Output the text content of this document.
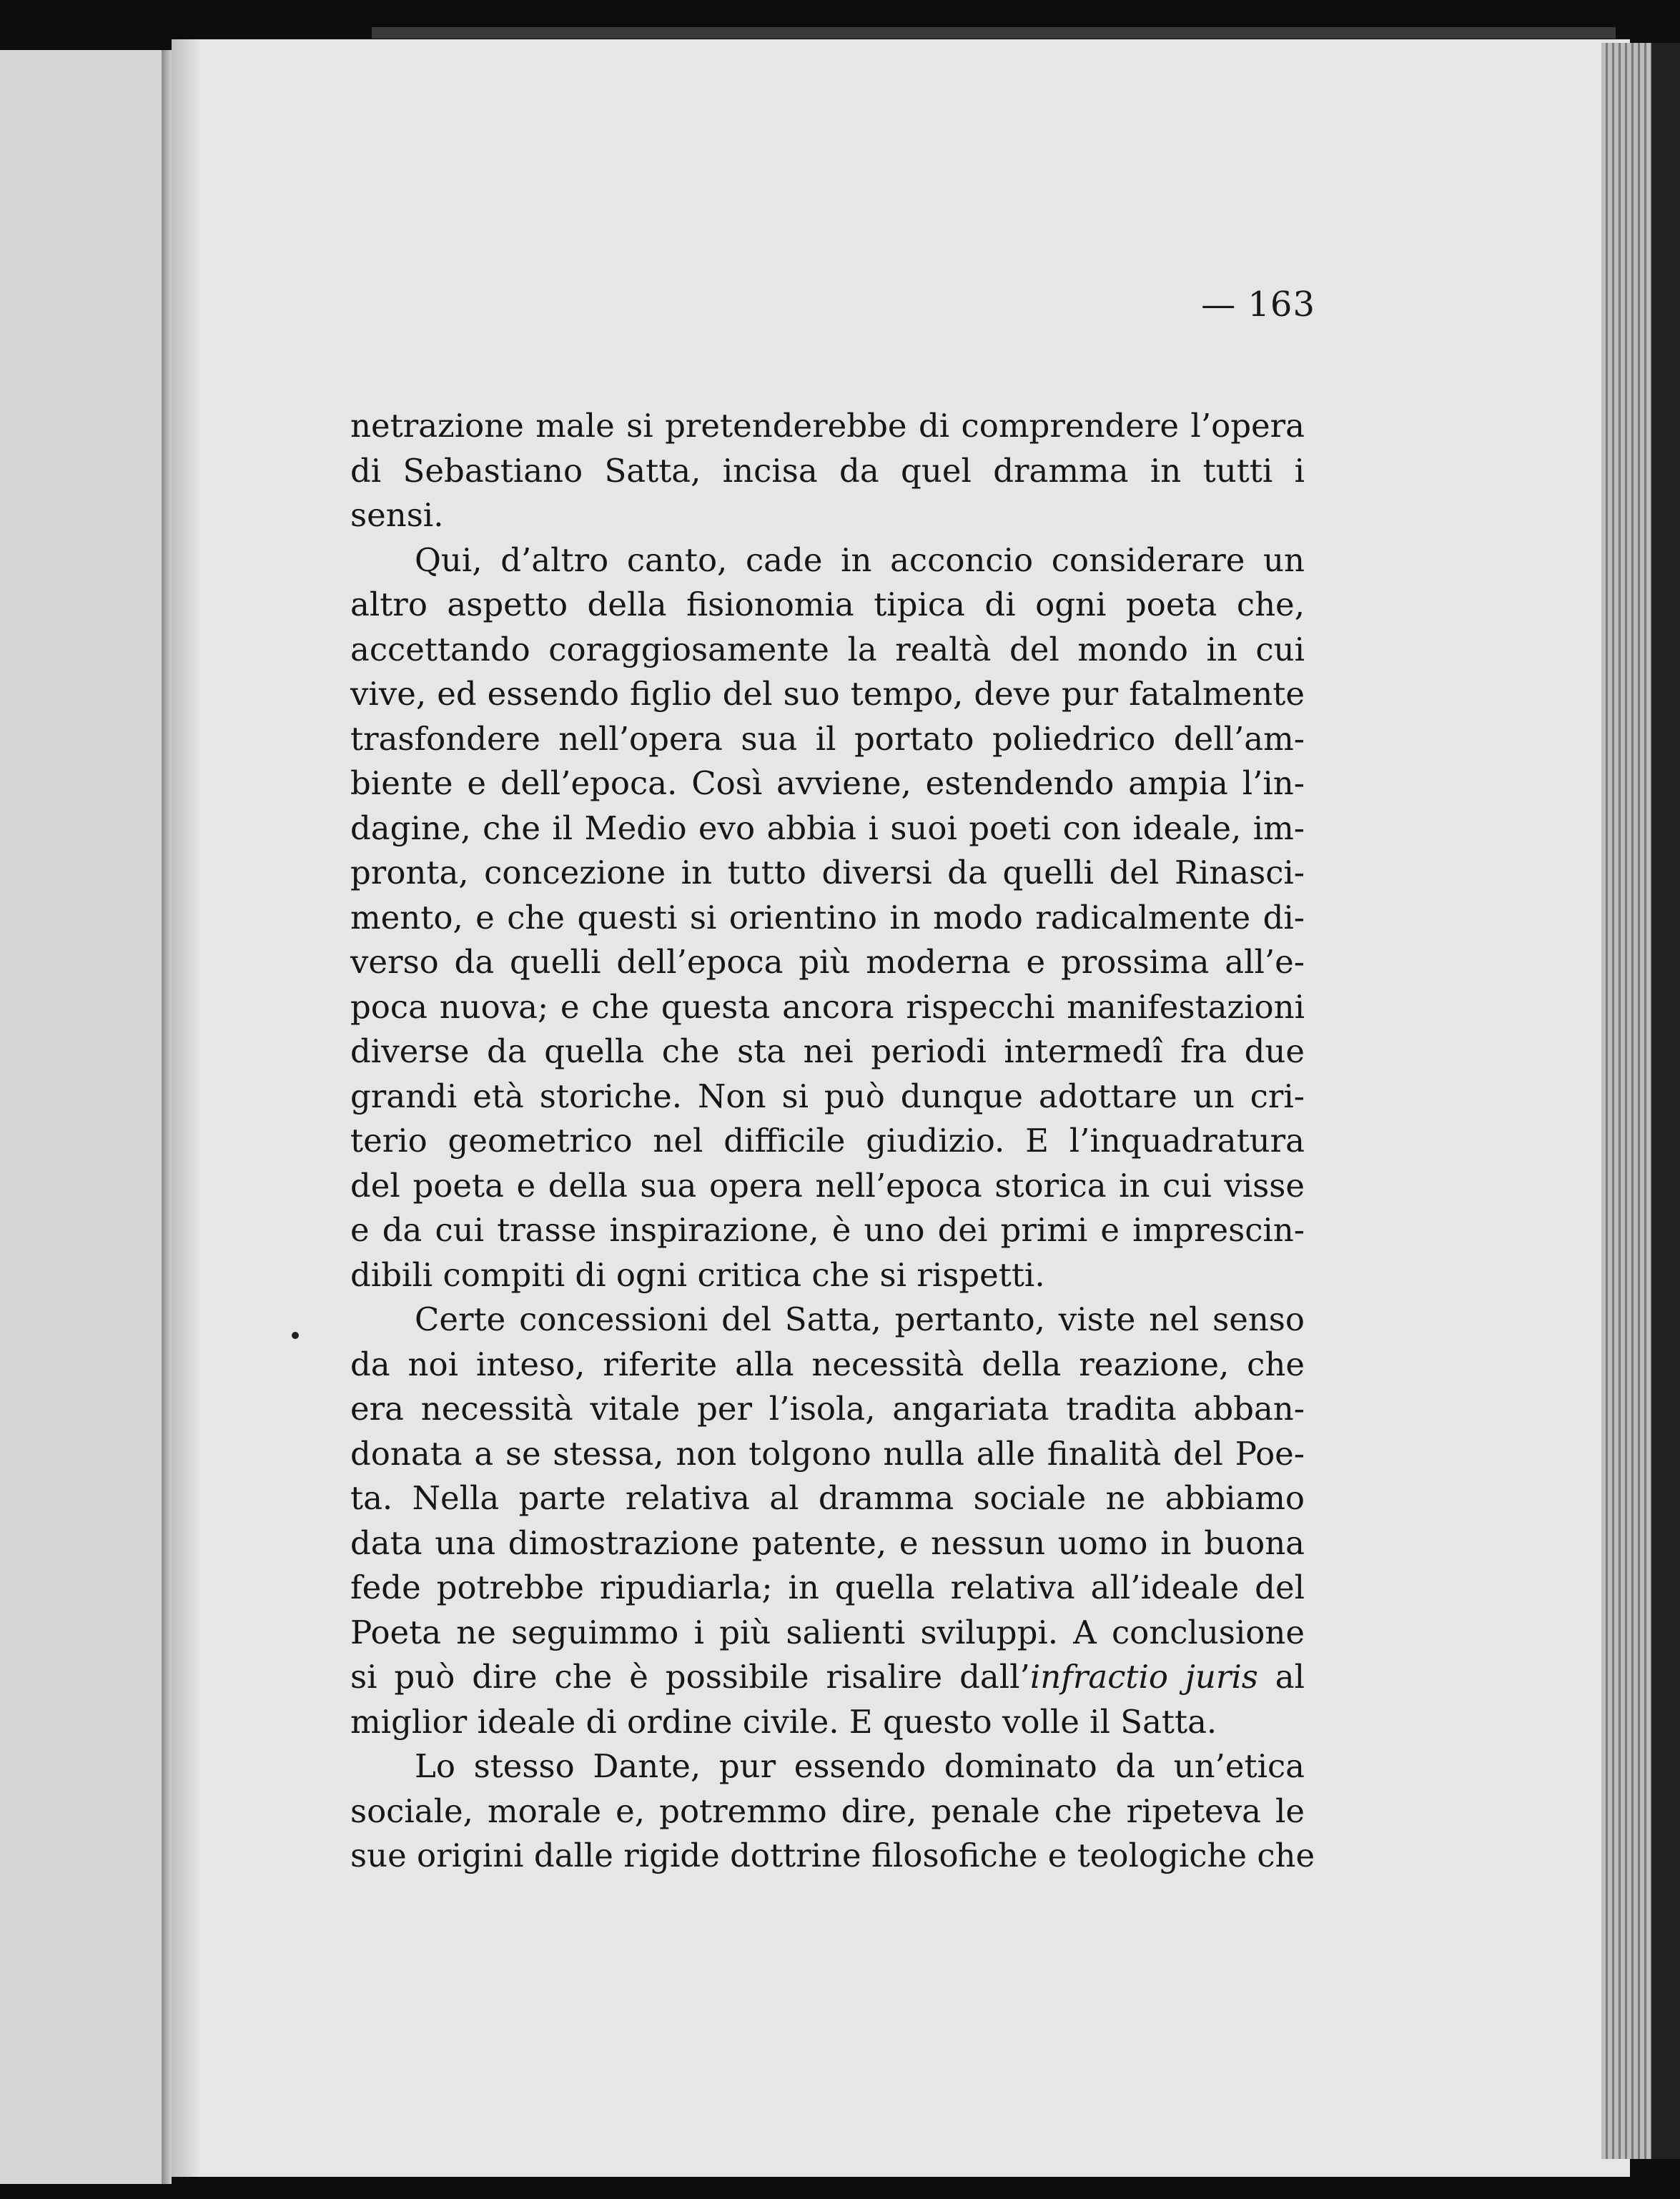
— 163
netrazione male si pretenderebbe di comprendere l’opera
di Sebastiano Satta, incisa da quel dramma in tutti i
sensi.
Qui, d’altro canto, cade in acconcio considerare un
altro aspetto della fisionomia tipica di ogni poeta che,
accettando coraggiosamente la realtà del mondo in cui
vive, ed essendo figlio del suo tempo, deve pur fatalmente
trasfondere nell’opera sua il portato poliedrico dell’am-
biente e dell’epoca. Così avviene, estendendo ampia l’in-
dagine, che il Medio evo abbia i suoi poeti con ideale, im-
pronta, concezione in tutto diversi da quelli del Rinasci-
mento, e che questi si orientino in modo radicalmente di-
verso da quelli dell’epoca più moderna e prossima all’e-
poca nuova; e che questa ancora rispecchi manifestazioni
diverse da quella che sta nei periodi intermedî fra due
grandi età storiche. Non si può dunque adottare un cri-
terio geometrico nel difficile giudizio. E l’inquadratura
del poeta e della sua opera nell’epoca storica in cui visse
e da cui trasse inspirazione, è uno dei primi e imprescin-
dibili compiti di ogni critica che si rispetti.
Certe concessioni del Satta, pertanto, viste nel senso
da noi inteso, riferite alla necessità della reazione, che
era necessità vitale per l’isola, angariata tradita abban-
donata a se stessa, non tolgono nulla alle finalità del Poe-
ta. Nella parte relativa al dramma sociale ne abbiamo
data una dimostrazione patente, e nessun uomo in buona
fede potrebbe ripudiarla; in quella relativa all’ideale del
Poeta ne seguimmo i più salienti sviluppi. A conclusione
si può dire che è possibile risalire dall’infractio juris al
miglior ideale di ordine civile. E questo volle il Satta.
Lo stesso Dante, pur essendo dominato da un’etica
sociale, morale e, potremmo dire, penale che ripeteva le
sue origini dalle rigide dottrine filosofiche e teologiche che
